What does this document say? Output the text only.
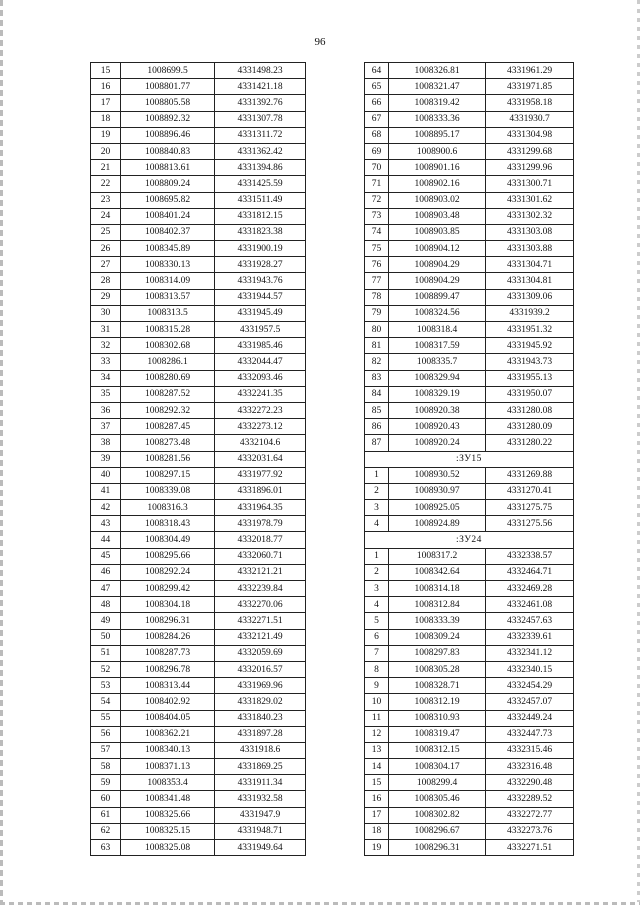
96
15	1008699.5	4331498.23
16	1008801.77	4331421.18
17	1008805.58	4331392.76
18	1008892.32	4331307.78
19	1008896.46	4331311.72
20	1008840.83	4331362.42
21	1008813.61	4331394.86
22	1008809.24	4331425.59
23	1008695.82	4331511.49
24	1008401.24	4331812.15
25	1008402.37	4331823.38
26	1008345.89	4331900.19
27	1008330.13	4331928.27
28	1008314.09	4331943.76
29	1008313.57	4331944.57
30	1008313.5	4331945.49
31	1008315.28	4331957.5
32	1008302.68	4331985.46
33	1008286.1	4332044.47
34	1008280.69	4332093.46
35	1008287.52	4332241.35
36	1008292.32	4332272.23
37	1008287.45	4332273.12
38	1008273.48	4332104.6
39	1008281.56	4332031.64
40	1008297.15	4331977.92
41	1008339.08	4331896.01
42	1008316.3	4331964.35
43	1008318.43	4331978.79
44	1008304.49	4332018.77
45	1008295.66	4332060.71
46	1008292.24	4332121.21
47	1008299.42	4332239.84
48	1008304.18	4332270.06
49	1008296.31	4332271.51
50	1008284.26	4332121.49
51	1008287.73	4332059.69
52	1008296.78	4332016.57
53	1008313.44	4331969.96
54	1008402.92	4331829.02
55	1008404.05	4331840.23
56	1008362.21	4331897.28
57	1008340.13	4331918.6
58	1008371.13	4331869.25
59	1008353.4	4331911.34
60	1008341.48	4331932.58
61	1008325.66	4331947.9
62	1008325.15	4331948.71
63	1008325.08	4331949.64
64	1008326.81	4331961.29
65	1008321.47	4331971.85
66	1008319.42	4331958.18
67	1008333.36	4331930.7
68	1008895.17	4331304.98
69	1008900.6	4331299.68
70	1008901.16	4331299.96
71	1008902.16	4331300.71
72	1008903.02	4331301.62
73	1008903.48	4331302.32
74	1008903.85	4331303.08
75	1008904.12	4331303.88
76	1008904.29	4331304.71
77	1008904.29	4331304.81
78	1008899.47	4331309.06
79	1008324.56	4331939.2
80	1008318.4	4331951.32
81	1008317.59	4331945.92
82	1008335.7	4331943.73
83	1008329.94	4331955.13
84	1008329.19	4331950.07
85	1008920.38	4331280.08
86	1008920.43	4331280.09
87	1008920.24	4331280.22
:ЗУ15		
1	1008930.52	4331269.88
2	1008930.97	4331270.41
3	1008925.05	4331275.75
4	1008924.89	4331275.56
:ЗУ24		
1	1008317.2	4332338.57
2	1008342.64	4332464.71
3	1008314.18	4332469.28
4	1008312.84	4332461.08
5	1008333.39	4332457.63
6	1008309.24	4332339.61
7	1008297.83	4332341.12
8	1008305.28	4332340.15
9	1008328.71	4332454.29
10	1008312.19	4332457.07
11	1008310.93	4332449.24
12	1008319.47	4332447.73
13	1008312.15	4332315.46
14	1008304.17	4332316.48
15	1008299.4	4332290.48
16	1008305.46	4332289.52
17	1008302.82	4332272.77
18	1008296.67	4332273.76
19	1008296.31	4332271.51
